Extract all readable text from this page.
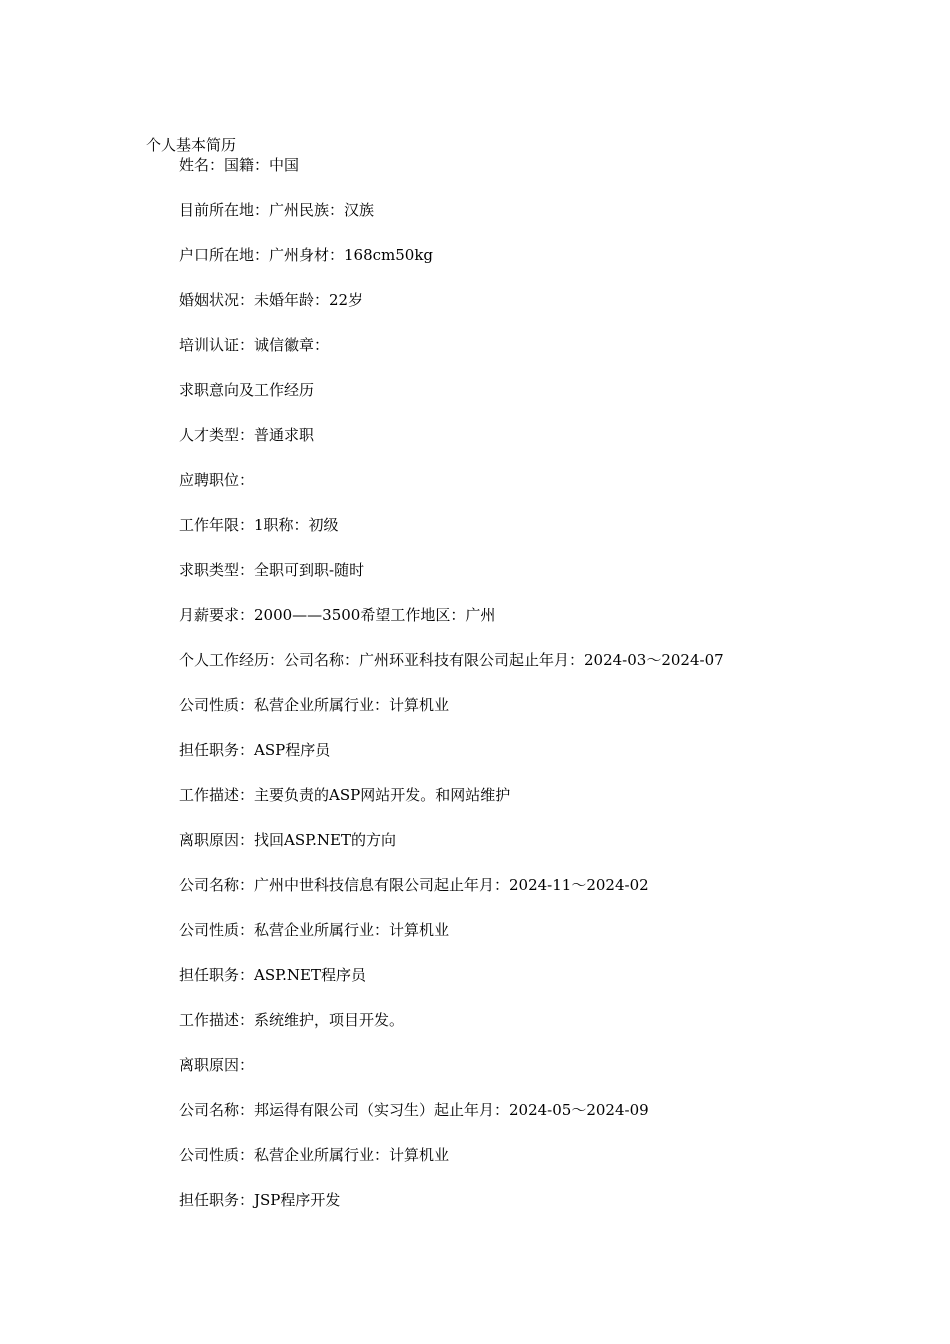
个人基本简历
姓名：国籍：中国
目前所在地：广州民族：汉族
户口所在地：广州身材：168cm50kg
婚姻状况：未婚年龄：22岁
培训认证：诚信徽章：
求职意向及工作经历
人才类型：普通求职
应聘职位：
工作年限：1职称：初级
求职类型：全职可到职-随时
月薪要求：2000——3500希望工作地区：广州
个人工作经历：公司名称：广州环亚科技有限公司起止年月：2024-03～2024-07
公司性质：私营企业所属行业：计算机业
担任职务：ASP程序员
工作描述：主要负责的ASP网站开发。和网站维护
离职原因：找回ASP.NET的方向
公司名称：广州中世科技信息有限公司起止年月：2024-11～2024-02
公司性质：私营企业所属行业：计算机业
担任职务：ASP.NET程序员
工作描述：系统维护，项目开发。
离职原因：
公司名称：邦运得有限公司（实习生）起止年月：2024-05～2024-09
公司性质：私营企业所属行业：计算机业
担任职务：JSP程序开发
